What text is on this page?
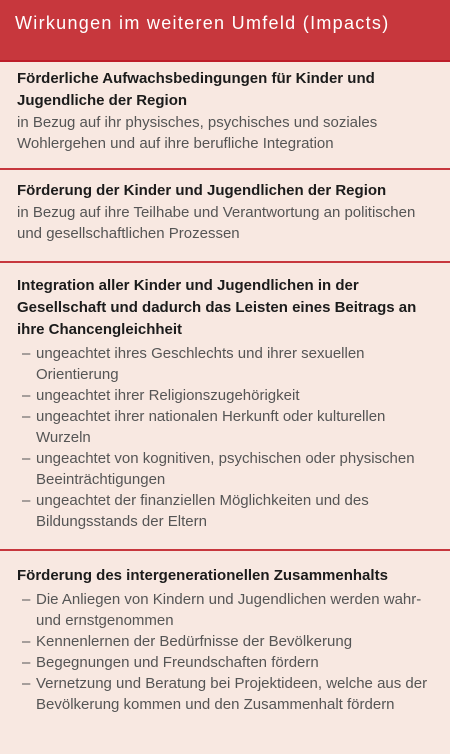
Wirkungen im weiteren Umfeld (Impacts)
Förderliche Aufwachsbedingungen für Kinder und Jugendliche der Region
in Bezug auf ihr physisches, psychisches und soziales Wohlergehen und auf ihre berufliche Integration
Förderung der Kinder und Jugendlichen der Region
in Bezug auf ihre Teilhabe und Verantwortung an politischen und gesellschaftlichen Prozessen
Integration aller Kinder und Jugendlichen in der Gesellschaft und dadurch das Leisten eines Beitrags an ihre Chancengleichheit
– ungeachtet ihres Geschlechts und ihrer sexuellen Orientierung
– ungeachtet ihrer Religionszugehörigkeit
– ungeachtet ihrer nationalen Herkunft oder kulturellen Wurzeln
– ungeachtet von kognitiven, psychischen oder physischen Beeinträchtigungen
– ungeachtet der finanziellen Möglichkeiten und des Bildungsstands der Eltern
Förderung des intergenerationellen Zusammenhalts
– Die Anliegen von Kindern und Jugendlichen werden wahr- und ernstgenommen
– Kennenlernen der Bedürfnisse der Bevölkerung
– Begegnungen und Freundschaften fördern
– Vernetzung und Beratung bei Projektideen, welche aus der Bevölkerung kommen und den Zusammenhalt fördern
